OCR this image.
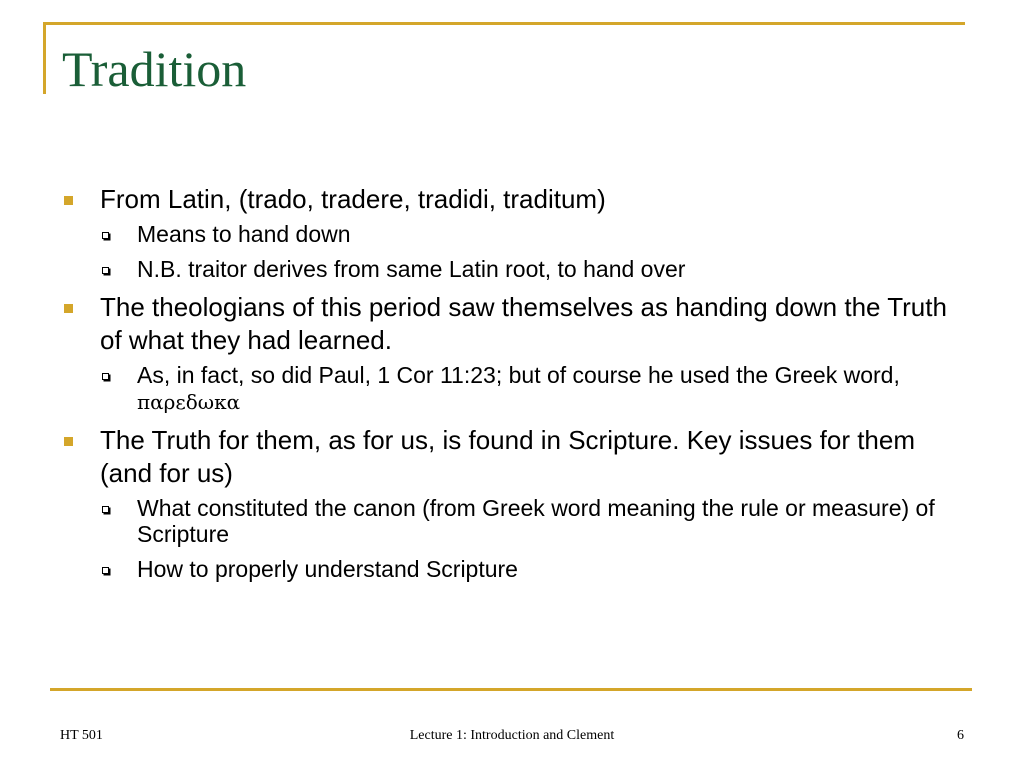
Tradition
From Latin, (trado, tradere, tradidi, traditum)
Means to hand down
N.B. traitor derives from same Latin root, to hand over
The theologians of this period saw themselves as handing down the Truth of what they had learned.
As, in fact, so did Paul, 1 Cor 11:23; but of course he used the Greek word, παρεδωκα
The Truth for them, as for us, is found in Scripture. Key issues for them (and for us)
What constituted the canon (from Greek word meaning the rule or measure) of Scripture
How to properly understand Scripture
HT 501	Lecture 1: Introduction and Clement	6
